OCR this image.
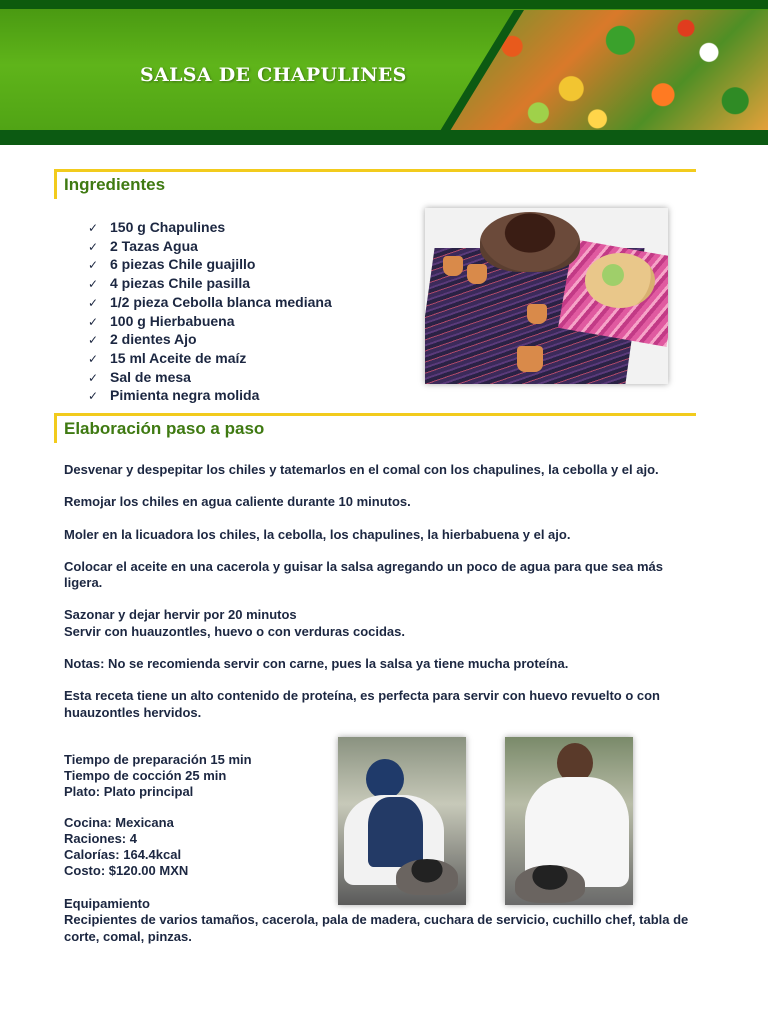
SALSA DE CHAPULINES
Ingredientes
✓ 150 g Chapulines
✓ 2 Tazas Agua
✓ 6 piezas Chile guajillo
✓ 4 piezas Chile pasilla
✓ 1/2 pieza Cebolla blanca mediana
✓ 100 g Hierbabuena
✓ 2 dientes Ajo
✓ 15 ml Aceite de maíz
✓ Sal de mesa
✓ Pimienta negra molida
Elaboración paso a paso

Desvenar y despepitar los chiles y tatemarlos en el comal con los chapulines, la cebolla y el ajo.

Remojar los chiles en agua caliente durante 10 minutos.

Moler en la licuadora los chiles, la cebolla, los chapulines, la hierbabuena y el ajo.

Colocar el aceite en una cacerola y guisar la salsa agregando un poco de agua para que sea más ligera.

Sazonar y dejar hervir por 20 minutos

Servir con huauzontles, huevo o con verduras cocidas.

Notas: No se recomienda servir con carne, pues la salsa ya tiene mucha proteína.

Esta receta tiene un alto contenido de proteína, es perfecta para servir con huevo revuelto o con huauzontles hervidos.

Tiempo de preparación 15 min
Tiempo de cocción 25 min
Plato: Plato principal
Cocina: Mexicana
Raciones: 4
Calorías: 164.4kcal
Costo: $120.00 MXN
Equipamiento
Recipientes de varios tamaños, cacerola, pala de madera, cuchara de servicio, cuchillo chef, tabla de corte, comal, pinzas.
